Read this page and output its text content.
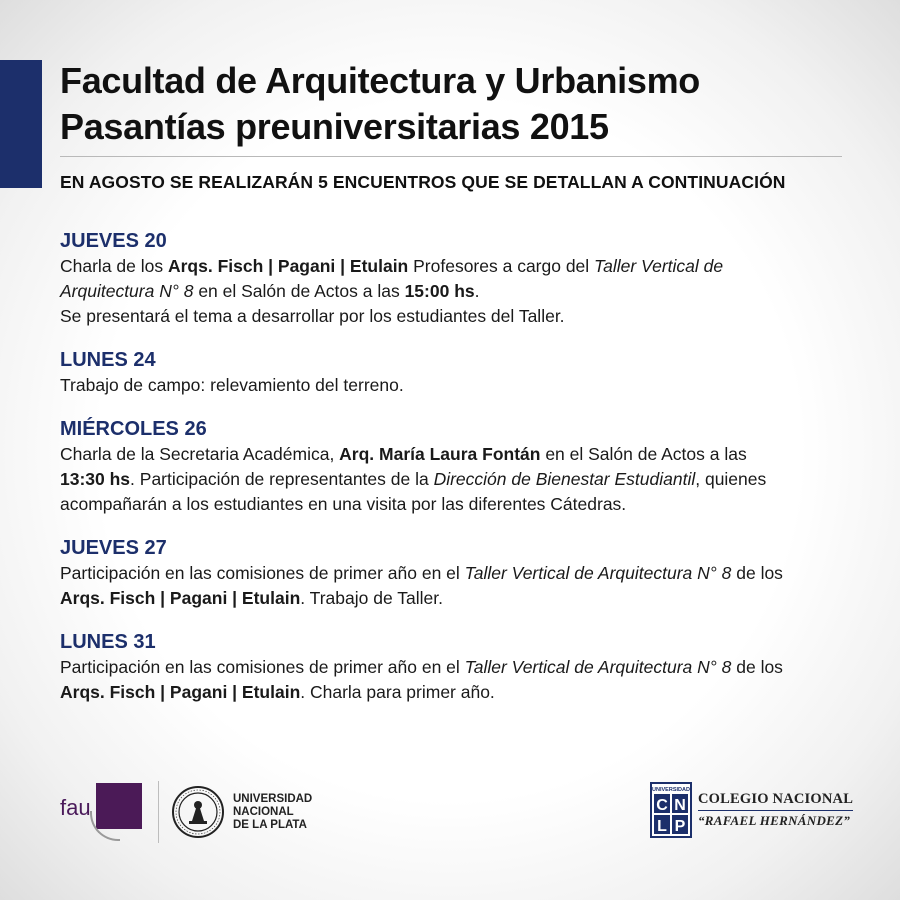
Facultad de Arquitectura y Urbanismo
Pasantías preuniversitarias 2015
EN AGOSTO SE REALIZARÁN 5 ENCUENTROS QUE SE DETALLAN A CONTINUACIÓN
JUEVES 20
Charla de los Arqs. Fisch | Pagani | Etulain Profesores a cargo del Taller Vertical de
Arquitectura N° 8 en el Salón de Actos a las 15:00 hs.
Se presentará el tema a desarrollar por los estudiantes del Taller.
LUNES 24
Trabajo de campo: relevamiento del terreno.
MIÉRCOLES 26
Charla de la Secretaria Académica, Arq. María Laura Fontán en el Salón de Actos a las
13:30 hs. Participación de representantes de la Dirección de Bienestar Estudiantil, quienes
acompañarán a los estudiantes en una visita por las diferentes Cátedras.
JUEVES 27
Participación en las comisiones de primer año en el Taller Vertical de Arquitectura N° 8 de los
Arqs. Fisch | Pagani | Etulain. Trabajo de Taller.
LUNES 31
Participación en las comisiones de primer año en el Taller Vertical de Arquitectura N° 8 de los
Arqs. Fisch | Pagani | Etulain. Charla para primer año.
fau	UNIVERSIDAD
NACIONAL
DE LA PLATA
UNIVERSIDAD
C N
L P
COLEGIO NACIONAL
“RAFAEL HERNÁNDEZ”
